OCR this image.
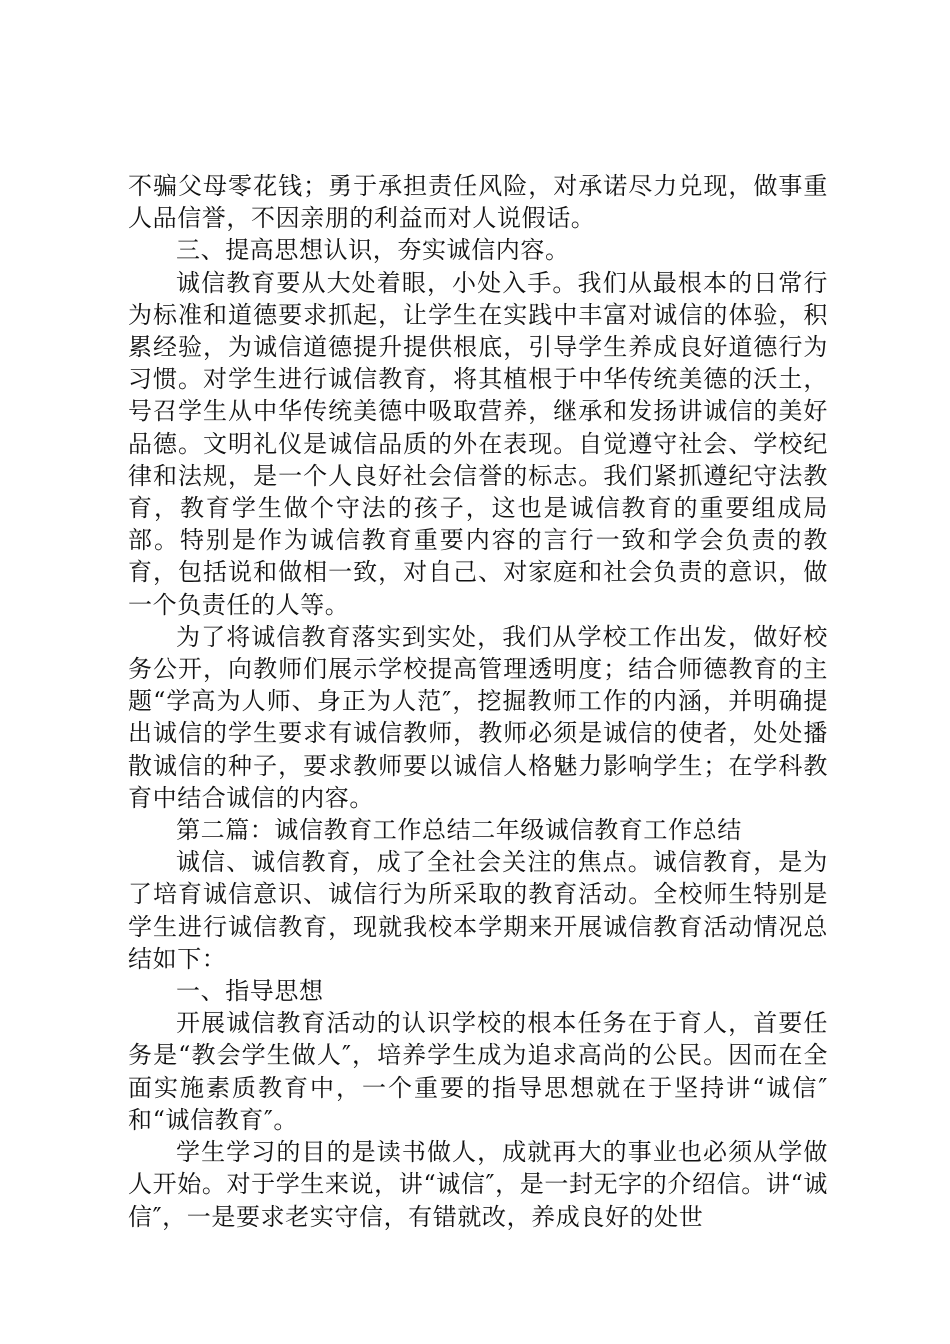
不骗父母零花钱；勇于承担责任风险，对承诺尽力兑现，做事重人品信誉，不因亲朋的利益而对人说假话。

三、提高思想认识，夯实诚信内容。

诚信教育要从大处着眼，小处入手。我们从最根本的日常行为标准和道德要求抓起，让学生在实践中丰富对诚信的体验，积累经验，为诚信道德提升提供根底，引导学生养成良好道德行为习惯。对学生进行诚信教育，将其植根于中华传统美德的沃土，号召学生从中华传统美德中吸取营养，继承和发扬讲诚信的美好品德。文明礼仪是诚信品质的外在表现。自觉遵守社会、学校纪律和法规，是一个人良好社会信誉的标志。我们紧抓遵纪守法教育，教育学生做个守法的孩子，这也是诚信教育的重要组成局部。特别是作为诚信教育重要内容的言行一致和学会负责的教育，包括说和做相一致，对自己、对家庭和社会负责的意识，做一个负责任的人等。

为了将诚信教育落实到实处，我们从学校工作出发，做好校务公开，向教师们展示学校提高管理透明度；结合师德教育的主题“学高为人师、身正为人范″，挖掘教师工作的内涵，并明确提出诚信的学生要求有诚信教师，教师必须是诚信的使者，处处播散诚信的种子，要求教师要以诚信人格魅力影响学生；在学科教育中结合诚信的内容。

第二篇：诚信教育工作总结二年级诚信教育工作总结

诚信、诚信教育，成了全社会关注的焦点。诚信教育，是为了培育诚信意识、诚信行为所采取的教育活动。全校师生特别是学生进行诚信教育，现就我校本学期来开展诚信教育活动情况总结如下：

一、指导思想

开展诚信教育活动的认识学校的根本任务在于育人，首要任务是“教会学生做人″，培养学生成为追求高尚的公民。因而在全面实施素质教育中，一个重要的指导思想就在于坚持讲“诚信″和“诚信教育″。

学生学习的目的是读书做人，成就再大的事业也必须从学做人开始。对于学生来说，讲“诚信″，是一封无字的介绍信。讲“诚信″，一是要求老实守信，有错就改，养成良好的处世
